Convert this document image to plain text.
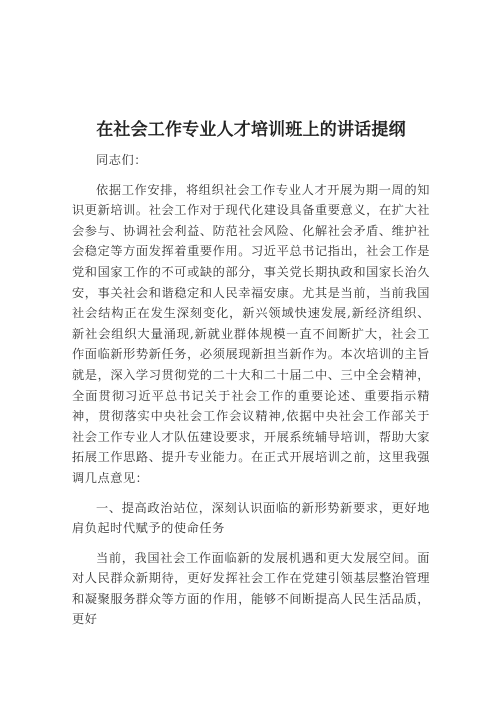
在社会工作专业人才培训班上的讲话提纲

同志们：

依据工作安排，将组织社会工作专业人才开展为期一周的知识更新培训。社会工作对于现代化建设具备重要意义，在扩大社会参与、协调社会利益、防范社会风险、化解社会矛盾、维护社会稳定等方面发挥着重要作用。习近平总书记指出，社会工作是党和国家工作的不可或缺的部分，事关党长期执政和国家长治久安，事关社会和谐稳定和人民幸福安康。尤其是当前，当前我国社会结构正在发生深刻变化，新兴领域快速发展,新经济组织、新社会组织大量涌现,新就业群体规模一直不间断扩大，社会工作面临新形势新任务，必须展现新担当新作为。本次培训的主旨就是，深入学习贯彻党的二十大和二十届二中、三中全会精神，全面贯彻习近平总书记关于社会工作的重要论述、重要指示精神，贯彻落实中央社会工作会议精神,依据中央社会工作部关于社会工作专业人才队伍建设要求，开展系统辅导培训，帮助大家拓展工作思路、提升专业能力。在正式开展培训之前，这里我强调几点意见：

一、提高政治站位，深刻认识面临的新形势新要求，更好地肩负起时代赋予的使命任务

当前，我国社会工作面临新的发展机遇和更大发展空间。面对人民群众新期待，更好发挥社会工作在党建引领基层整治管理和凝聚服务群众等方面的作用，能够不间断提高人民生活品质，更好
